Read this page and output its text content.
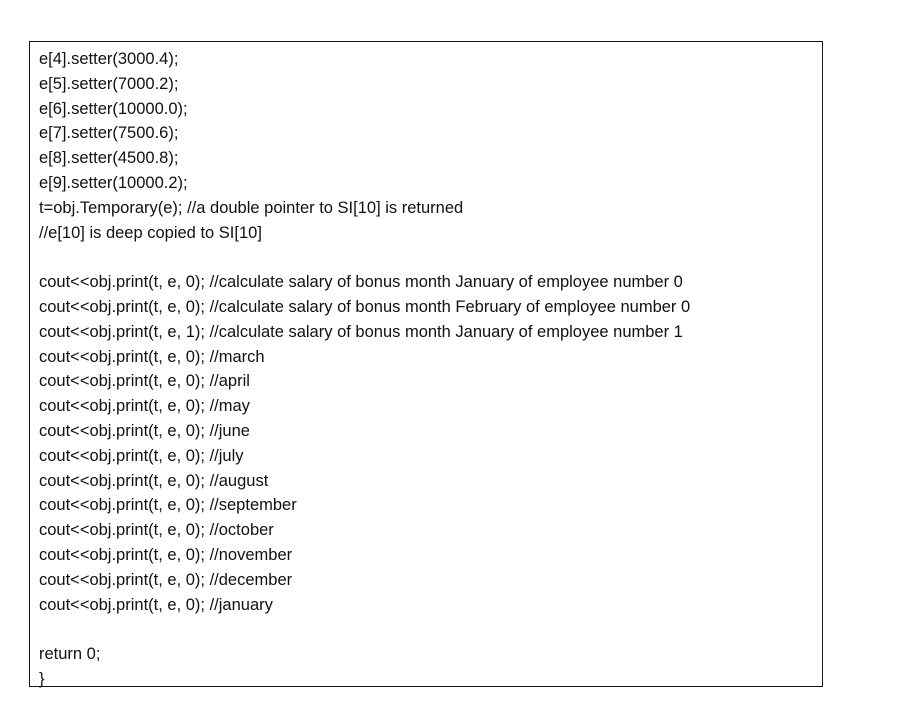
e[4].setter(3000.4);
e[5].setter(7000.2);
e[6].setter(10000.0);
e[7].setter(7500.6);
e[8].setter(4500.8);
e[9].setter(10000.2);
t=obj.Temporary(e); //a double pointer to SI[10] is returned
//e[10] is deep copied to SI[10]
cout<<obj.print(t, e, 0); //calculate salary of bonus month January of employee number 0
cout<<obj.print(t, e, 0); //calculate salary of bonus month February of employee number 0
cout<<obj.print(t, e, 1); //calculate salary of bonus month January of employee number 1
cout<<obj.print(t, e, 0); //march
cout<<obj.print(t, e, 0); //april
cout<<obj.print(t, e, 0); //may
cout<<obj.print(t, e, 0); //june
cout<<obj.print(t, e, 0); //july
cout<<obj.print(t, e, 0); //august
cout<<obj.print(t, e, 0); //september
cout<<obj.print(t, e, 0); //october
cout<<obj.print(t, e, 0); //november
cout<<obj.print(t, e, 0); //december
cout<<obj.print(t, e, 0); //january
return 0;
}
